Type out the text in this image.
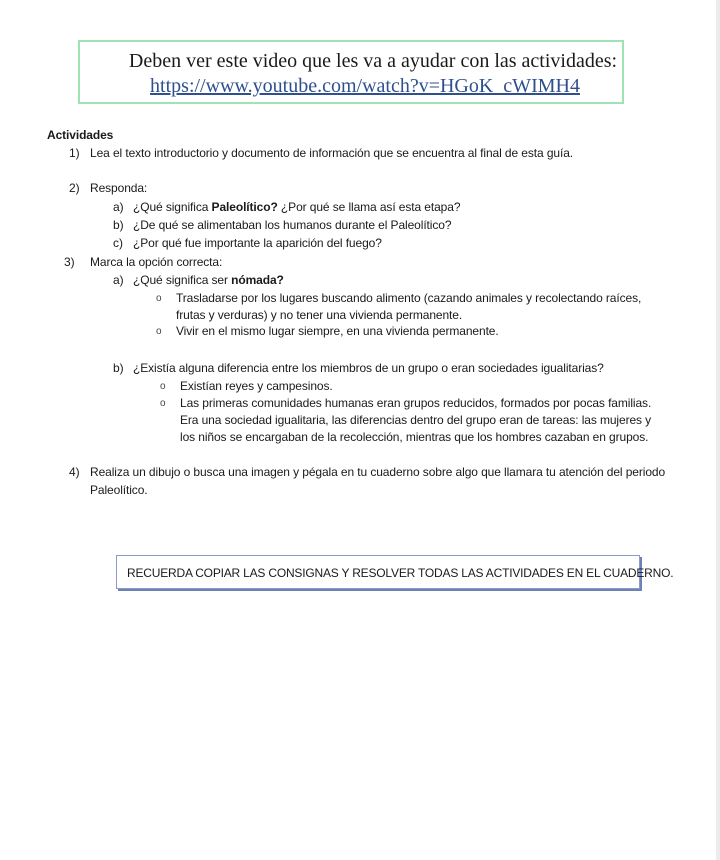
Deben ver este video que les va a ayudar con las actividades:
https://www.youtube.com/watch?v=HGoK_cWIMH4
Actividades
1) Lea el texto introductorio y documento de información que se encuentra al final de esta guía.
2) Responda:
a) ¿Qué significa Paleolítico? ¿Por qué se llama así esta etapa?
b) ¿De qué se alimentaban los humanos durante el Paleolítico?
c) ¿Por qué fue importante la aparición del fuego?
3) Marca la opción correcta:
a) ¿Qué significa ser nómada?
o Trasladarse por los lugares buscando alimento (cazando animales y recolectando raíces,
frutas y verduras) y no tener una vivienda permanente.
o Vivir en el mismo lugar siempre, en una vivienda permanente.
b) ¿Existía alguna diferencia entre los miembros de un grupo o eran sociedades igualitarias?
o Existían reyes y campesinos.
o Las primeras comunidades humanas eran grupos reducidos, formados por pocas familias.
Era una sociedad igualitaria, las diferencias dentro del grupo eran de tareas: las mujeres y
los niños se encargaban de la recolección, mientras que los hombres cazaban en grupos.
4) Realiza un dibujo o busca una imagen y pégala en tu cuaderno sobre algo que llamara tu atención del periodo
Paleolítico.
RECUERDA COPIAR LAS CONSIGNAS Y RESOLVER TODAS LAS ACTIVIDADES EN EL CUADERNO.
